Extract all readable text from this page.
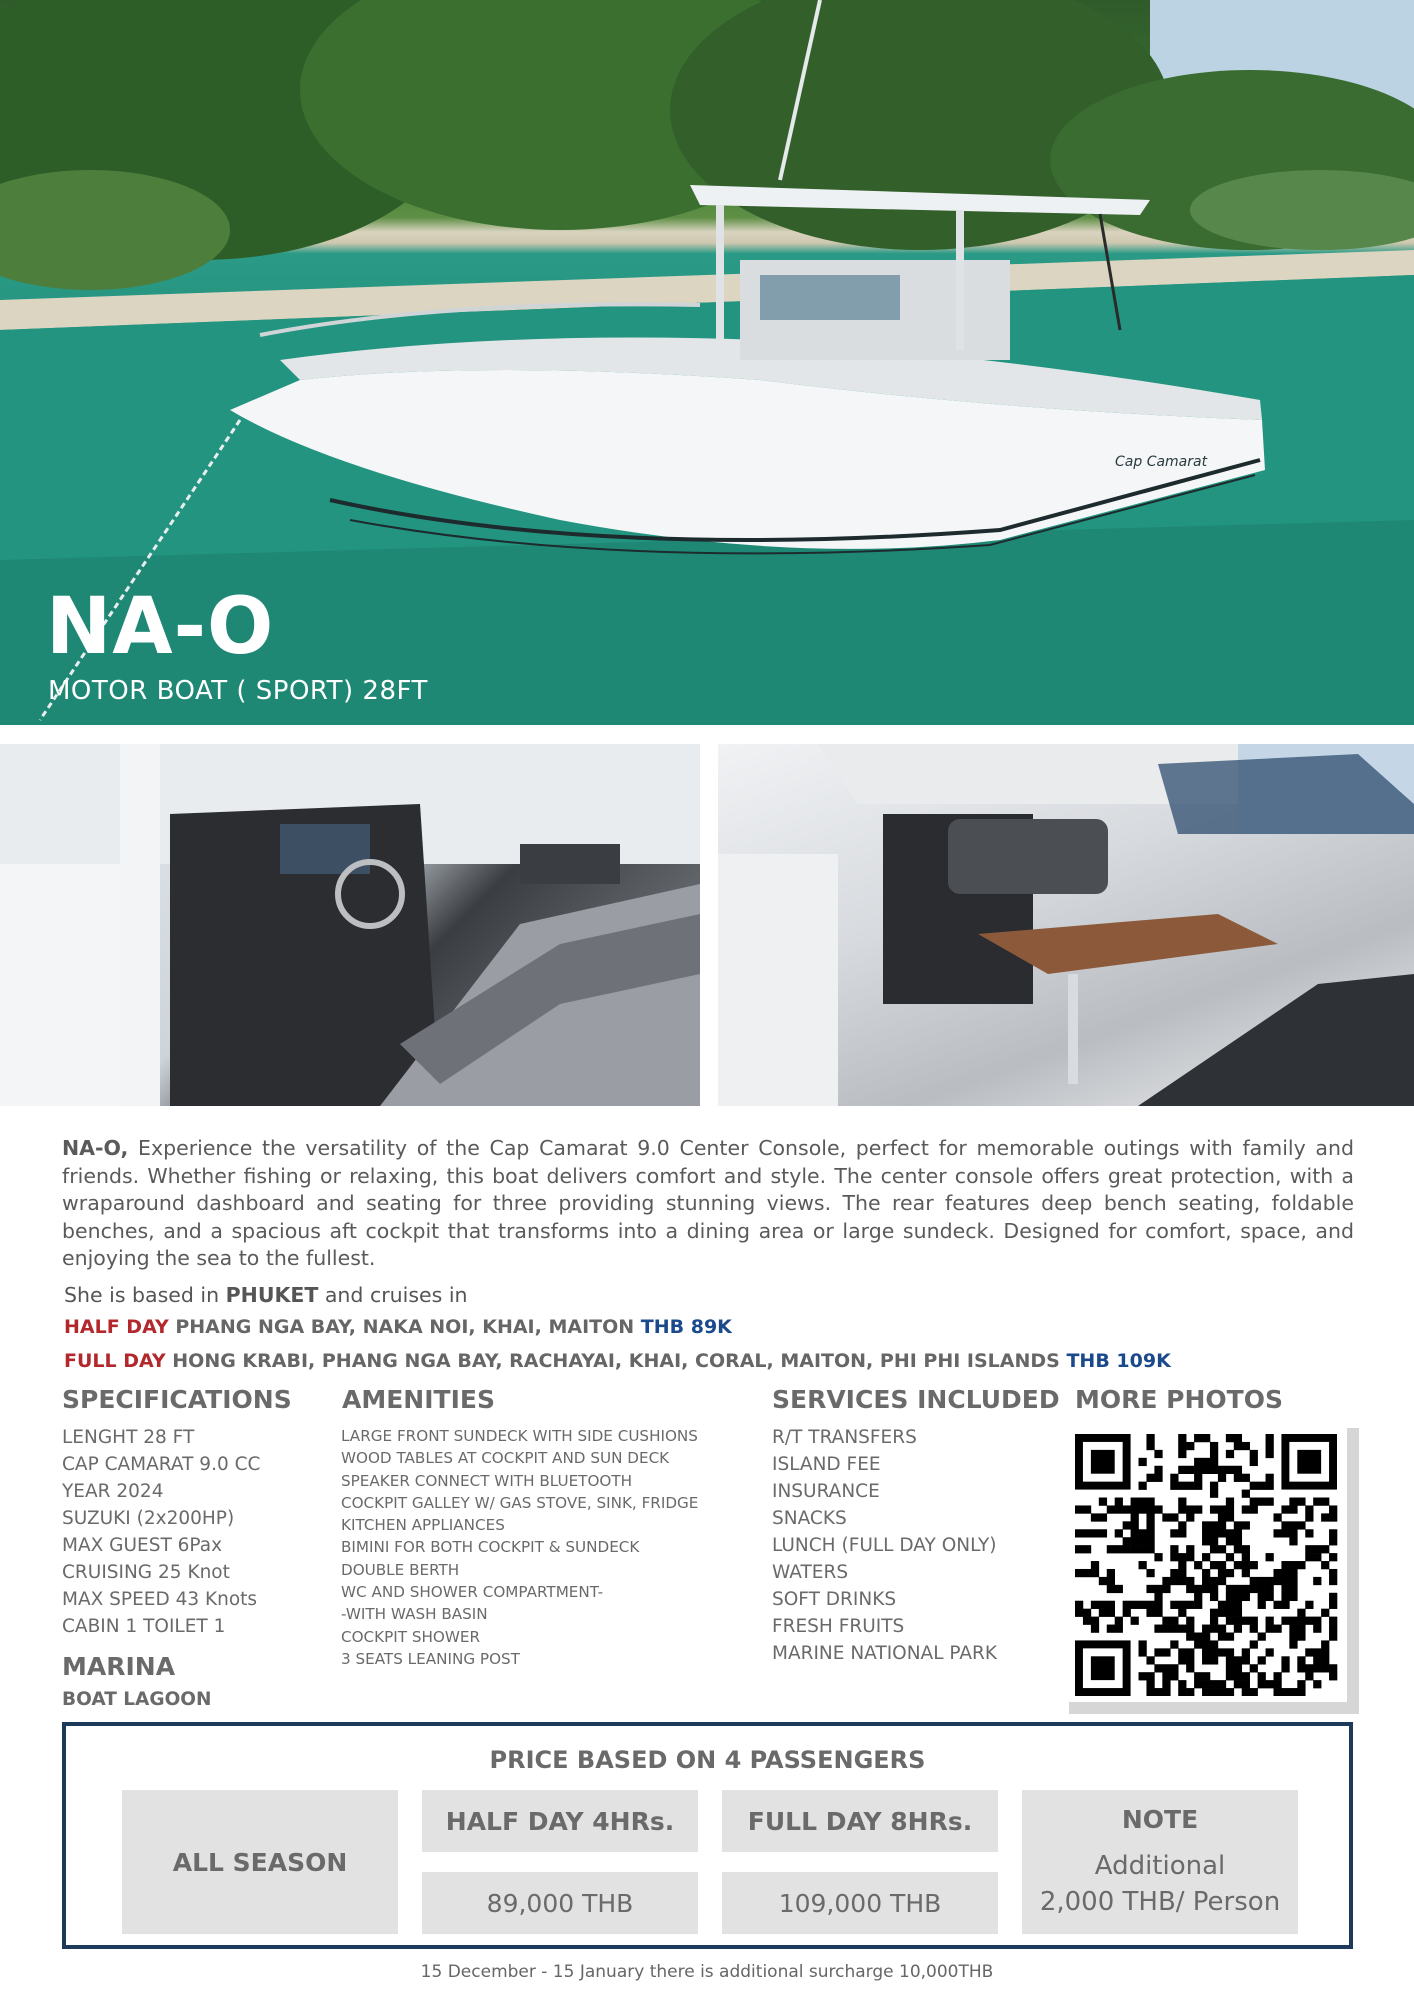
Cap Camarat
NA-O
MOTOR BOAT ( SPORT) 28FT

NA-O, Experience the versatility of the Cap Camarat 9.0 Center Console, perfect for memorable outings with family and friends. Whether fishing or relaxing, this boat delivers comfort and style. The center console offers great protection, with a wraparound dashboard and seating for three providing stunning views. The rear features deep bench seating, foldable benches, and a spacious aft cockpit that transforms into a dining area or large sundeck. Designed for comfort, space, and enjoying the sea to the fullest.

She is based in PHUKET and cruises in
HALF DAY PHANG NGA BAY, NAKA NOI, KHAI, MAITON THB 89K
FULL DAY HONG KRABI, PHANG NGA BAY, RACHAYAI, KHAI, CORAL, MAITON, PHI PHI ISLANDS THB 109K
SPECIFICATIONS
LENGHT 28 FT
CAP CAMARAT 9.0 CC
YEAR 2024
SUZUKI (2x200HP)
MAX GUEST 6Pax
CRUISING 25 Knot
MAX SPEED 43 Knots
CABIN 1 TOILET 1
MARINA
BOAT LAGOON
AMENITIES
LARGE FRONT SUNDECK WITH SIDE CUSHIONS
WOOD TABLES AT COCKPIT AND SUN DECK
SPEAKER CONNECT WITH BLUETOOTH
COCKPIT GALLEY W/ GAS STOVE, SINK, FRIDGE
KITCHEN APPLIANCES
BIMINI FOR BOTH COCKPIT & SUNDECK
DOUBLE BERTH
WC AND SHOWER COMPARTMENT-
-WITH WASH BASIN
COCKPIT SHOWER
3 SEATS LEANING POST
SERVICES INCLUDED
R/T TRANSFERS
ISLAND FEE
INSURANCE
SNACKS
LUNCH (FULL DAY ONLY)
WATERS
SOFT DRINKS
FRESH FRUITS
MARINE NATIONAL PARK
MORE PHOTOS
PRICE BASED ON 4 PASSENGERS
ALL SEASON
HALF DAY 4HRs.	FULL DAY 8HRs.
89,000 THB	109,000 THB
NOTE
Additional
2,000 THB/ Person
15 December - 15 January there is additional surcharge 10,000THB
